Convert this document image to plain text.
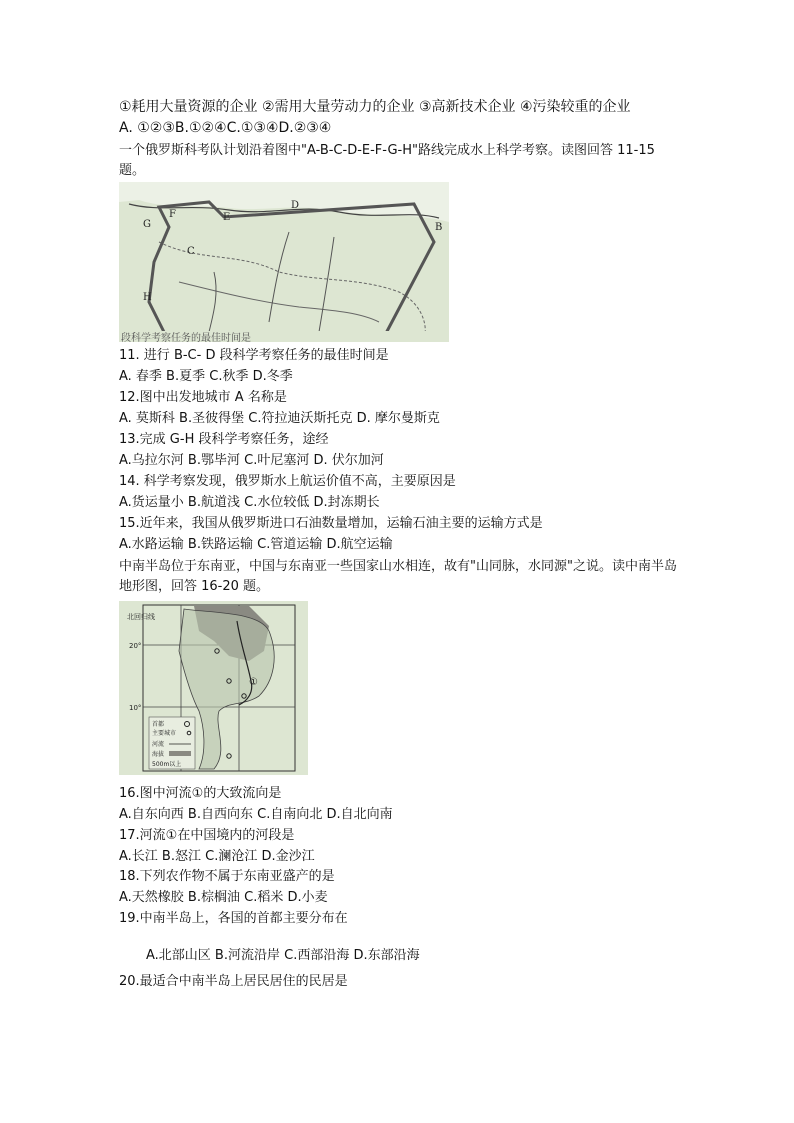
①耗用大量资源的企业 ②需用大量劳动力的企业 ③高新技术企业 ④污染较重的企业
A. ①②③B.①②④C.①③④D.②③④
一个俄罗斯科考队计划沿着图中"A-B-C-D-E-F-G-H"路线完成水上科学考察。读图回答 11-15 题。
B
C
D
E
F
G
H
段科学考察任务的最佳时间是
11. 进行 B-C- D 段科学考察任务的最佳时间是
A. 春季 B.夏季 C.秋季 D.冬季
12.图中出发地城市 A 名称是
A. 莫斯科 B.圣彼得堡 C.符拉迪沃斯托克 D. 摩尔曼斯克
13.完成 G-H 段科学考察任务，途经
A.乌拉尔河 B.鄂毕河 C.叶尼塞河 D. 伏尔加河
14. 科学考察发现，俄罗斯水上航运价值不高，主要原因是
A.货运量小 B.航道浅 C.水位较低 D.封冻期长
15.近年来，我国从俄罗斯进口石油数量增加，运输石油主要的运输方式是
A.水路运输 B.铁路运输 C.管道运输 D.航空运输
中南半岛位于东南亚，中国与东南亚一些国家山水相连，故有"山同脉，水同源"之说。读中南半岛地形图，回答 16-20 题。
北回归线
20°
10°
①
首都
主要城市
河流
海拔
500m以上
16.图中河流①的大致流向是
A.自东向西 B.自西向东 C.自南向北 D.自北向南
17.河流①在中国境内的河段是
A.长江 B.怒江 C.澜沧江 D.金沙江
18.下列农作物不属于东南亚盛产的是
A.天然橡胶 B.棕榈油 C.稻米 D.小麦
19.中南半岛上，各国的首都主要分布在
A.北部山区 B.河流沿岸 C.西部沿海 D.东部沿海
20.最适合中南半岛上居民居住的民居是
